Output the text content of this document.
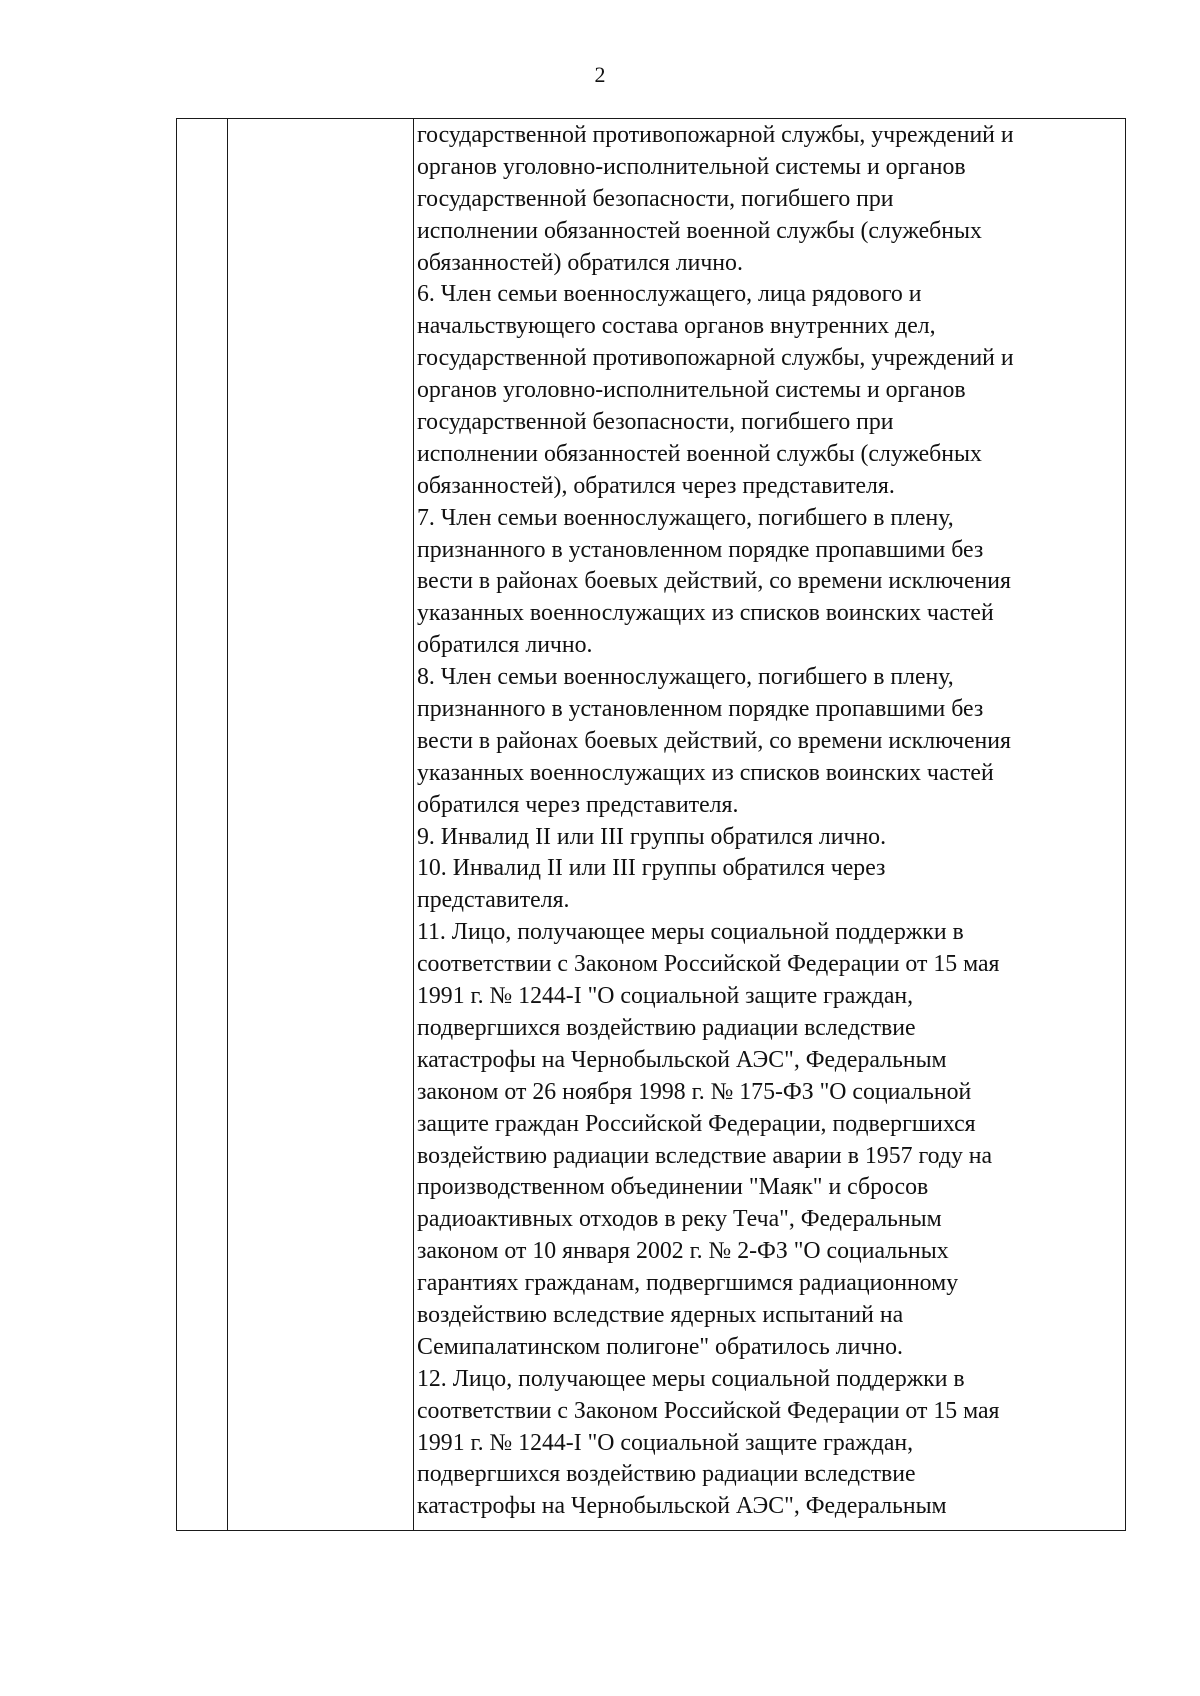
2

государственной противопожарной службы, учреждений и
органов уголовно-исполнительной системы и органов
государственной безопасности, погибшего при
исполнении обязанностей военной службы (служебных
обязанностей) обратился лично.
6. Член семьи военнослужащего, лица рядового и
начальствующего состава органов внутренних дел,
государственной противопожарной службы, учреждений и
органов уголовно-исполнительной системы и органов
государственной безопасности, погибшего при
исполнении обязанностей военной службы (служебных
обязанностей), обратился через представителя.
7. Член семьи военнослужащего, погибшего в плену,
признанного в установленном порядке пропавшими без
вести в районах боевых действий, со времени исключения
указанных военнослужащих из списков воинских частей
обратился лично.
8. Член семьи военнослужащего, погибшего в плену,
признанного в установленном порядке пропавшими без
вести в районах боевых действий, со времени исключения
указанных военнослужащих из списков воинских частей
обратился через представителя.
9. Инвалид II или III группы обратился лично.
10. Инвалид II или III группы обратился через
представителя.
11. Лицо, получающее меры социальной поддержки в
соответствии с Законом Российской Федерации от 15 мая
1991 г. № 1244-I "О социальной защите граждан,
подвергшихся воздействию радиации вследствие
катастрофы на Чернобыльской АЭС", Федеральным
законом от 26 ноября 1998 г. № 175-ФЗ "О социальной
защите граждан Российской Федерации, подвергшихся
воздействию радиации вследствие аварии в 1957 году на
производственном объединении "Маяк" и сбросов
радиоактивных отходов в реку Теча", Федеральным
законом от 10 января 2002 г. № 2-ФЗ "О социальных
гарантиях гражданам, подвергшимся радиационному
воздействию вследствие ядерных испытаний на
Семипалатинском полигоне" обратилось лично.
12. Лицо, получающее меры социальной поддержки в
соответствии с Законом Российской Федерации от 15 мая
1991 г. № 1244-I "О социальной защите граждан,
подвергшихся воздействию радиации вследствие
катастрофы на Чернобыльской АЭС", Федеральным
